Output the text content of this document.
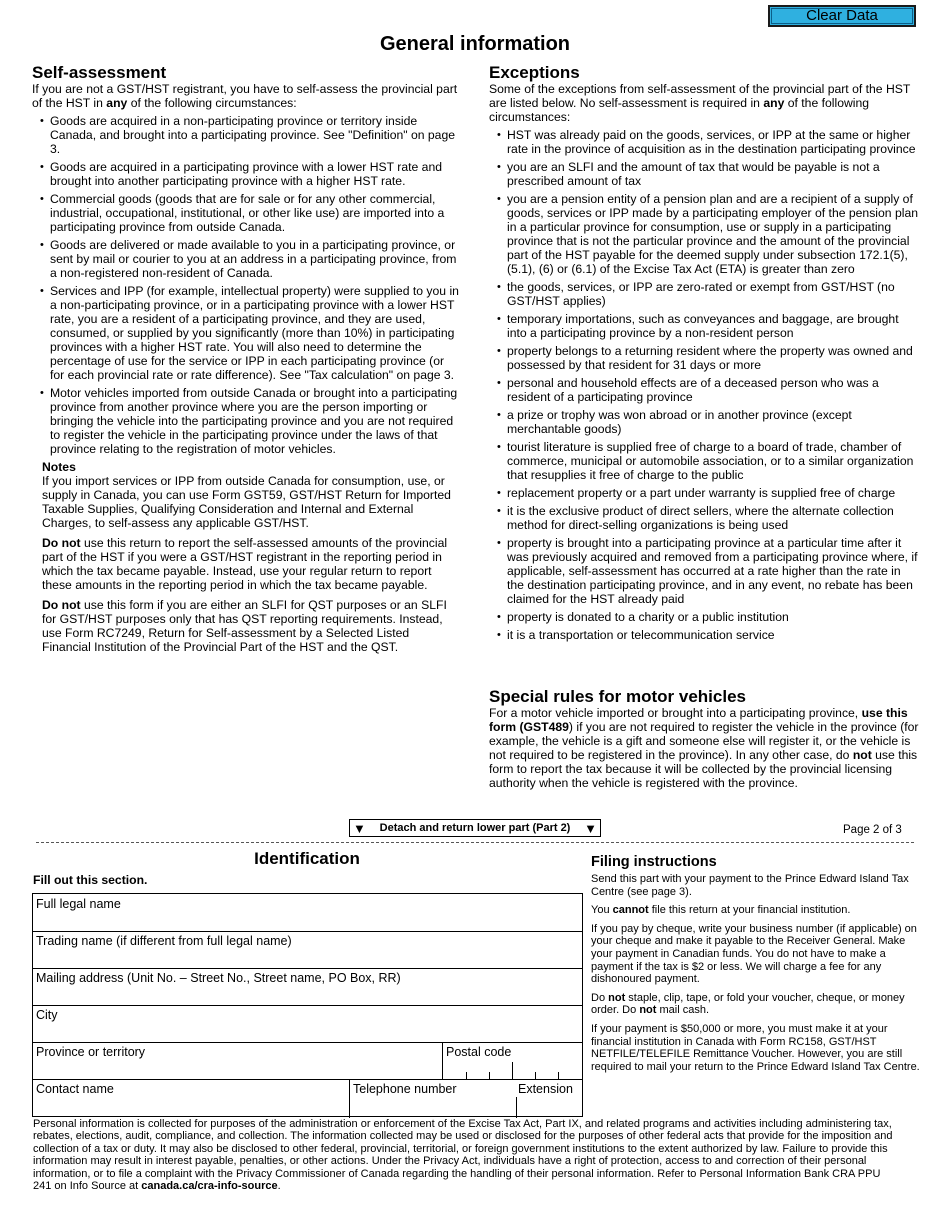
Clear Data
General information
Self-assessment

If you are not a GST/HST registrant, you have to self-assess the provincial part of the HST in any of the following circumstances:

• Goods are acquired in a non-participating province or territory inside Canada, and brought into a participating province. See "Definition" on page 3.
• Goods are acquired in a participating province with a lower HST rate and brought into another participating province with a higher HST rate.
• Commercial goods (goods that are for sale or for any other commercial, industrial, occupational, institutional, or other like use) are imported into a participating province from outside Canada.
• Goods are delivered or made available to you in a participating province, or sent by mail or courier to you at an address in a participating province, from a non-registered non-resident of Canada.
• Services and IPP (for example, intellectual property) were supplied to you in a non-participating province, or in a participating province with a lower HST rate, you are a resident of a participating province, and they are used, consumed, or supplied by you significantly (more than 10%) in participating provinces with a higher HST rate. You will also need to determine the percentage of use for the service or IPP in each participating province (or for each provincial rate or rate difference). See "Tax calculation" on page 3.
• Motor vehicles imported from outside Canada or brought into a participating province from another province where you are the person importing or bringing the vehicle into the participating province and you are not required to register the vehicle in the participating province under the laws of that province relating to the registration of motor vehicles.

Notes

If you import services or IPP from outside Canada for consumption, use, or supply in Canada, you can use Form GST59, GST/HST Return for Imported Taxable Supplies, Qualifying Consideration and Internal and External Charges, to self-assess any applicable GST/HST.

Do not use this return to report the self-assessed amounts of the provincial part of the HST if you were a GST/HST registrant in the reporting period in which the tax became payable. Instead, use your regular return to report these amounts in the reporting period in which the tax became payable.

Do not use this form if you are either an SLFI for QST purposes or an SLFI for GST/HST purposes only that has QST reporting requirements. Instead, use Form RC7249, Return for Self-assessment by a Selected Listed Financial Institution of the Provincial Part of the HST and the QST.

Exceptions

Some of the exceptions from self-assessment of the provincial part of the HST are listed below. No self-assessment is required in any of the following circumstances:

• HST was already paid on the goods, services, or IPP at the same or higher rate in the province of acquisition as in the destination participating province
• you are an SLFI and the amount of tax that would be payable is not a prescribed amount of tax
• you are a pension entity of a pension plan and are a recipient of a supply of goods, services or IPP made by a participating employer of the pension plan in a particular province for consumption, use or supply in a participating province that is not the particular province and the amount of the provincial part of the HST payable for the deemed supply under subsection 172.1(5), (5.1), (6) or (6.1) of the Excise Tax Act (ETA) is greater than zero
• the goods, services, or IPP are zero-rated or exempt from GST/HST (no GST/HST applies)
• temporary importations, such as conveyances and baggage, are brought into a participating province by a non-resident person
• property belongs to a returning resident where the property was owned and possessed by that resident for 31 days or more
• personal and household effects are of a deceased person who was a resident of a participating province
• a prize or trophy was won abroad or in another province (except merchantable goods)
• tourist literature is supplied free of charge to a board of trade, chamber of commerce, municipal or automobile association, or to a similar organization that resupplies it free of charge to the public
• replacement property or a part under warranty is supplied free of charge
• it is the exclusive product of direct sellers, where the alternate collection method for direct-selling organizations is being used
• property is brought into a participating province at a particular time after it was previously acquired and removed from a participating province where, if applicable, self-assessment has occurred at a rate higher than the rate in the destination participating province, and in any event, no rebate has been claimed for the HST already paid
• property is donated to a charity or a public institution
• it is a transportation or telecommunication service
Special rules for motor vehicles

For a motor vehicle imported or brought into a participating province, use this form (GST489) if you are not required to register the vehicle in the province (for example, the vehicle is a gift and someone else will register it, or the vehicle is not required to be registered in the province). In any other case, do not use this form to report the tax because it will be collected by the provincial licensing authority when the vehicle is registered with the province.

▼ Detach and return lower part (Part 2) ▼	Page 2 of 3
Identification
Fill out this section.
Full legal name
Trading name (if different from full legal name)
Mailing address (Unit No. – Street No., Street name, PO Box, RR)
City
Province or territory	Postal code
Contact name	Telephone number	Extension
Filing instructions

Send this part with your payment to the Prince Edward Island Tax Centre (see page 3).

You cannot file this return at your financial institution.

If you pay by cheque, write your business number (if applicable) on your cheque and make it payable to the Receiver General. Make your payment in Canadian funds. You do not have to make a payment if the tax is $2 or less. We will charge a fee for any dishonoured payment.

Do not staple, clip, tape, or fold your voucher, cheque, or money order. Do not mail cash.

If your payment is $50,000 or more, you must make it at your financial institution in Canada with Form RC158, GST/HST NETFILE/TELEFILE Remittance Voucher. However, you are still required to mail your return to the Prince Edward Island Tax Centre.

Personal information is collected for purposes of the administration or enforcement of the Excise Tax Act, Part IX, and related programs and activities including administering tax, rebates, elections, audit, compliance, and collection. The information collected may be used or disclosed for the purposes of other federal acts that provide for the imposition and collection of a tax or duty. It may also be disclosed to other federal, provincial, territorial, or foreign government institutions to the extent authorized by law. Failure to provide this information may result in interest payable, penalties, or other actions. Under the Privacy Act, individuals have a right of protection, access to and correction of their personal information, or to file a complaint with the Privacy Commissioner of Canada regarding the handling of their personal information. Refer to Personal Information Bank CRA PPU 241 on Info Source at canada.ca/cra-info-source.
